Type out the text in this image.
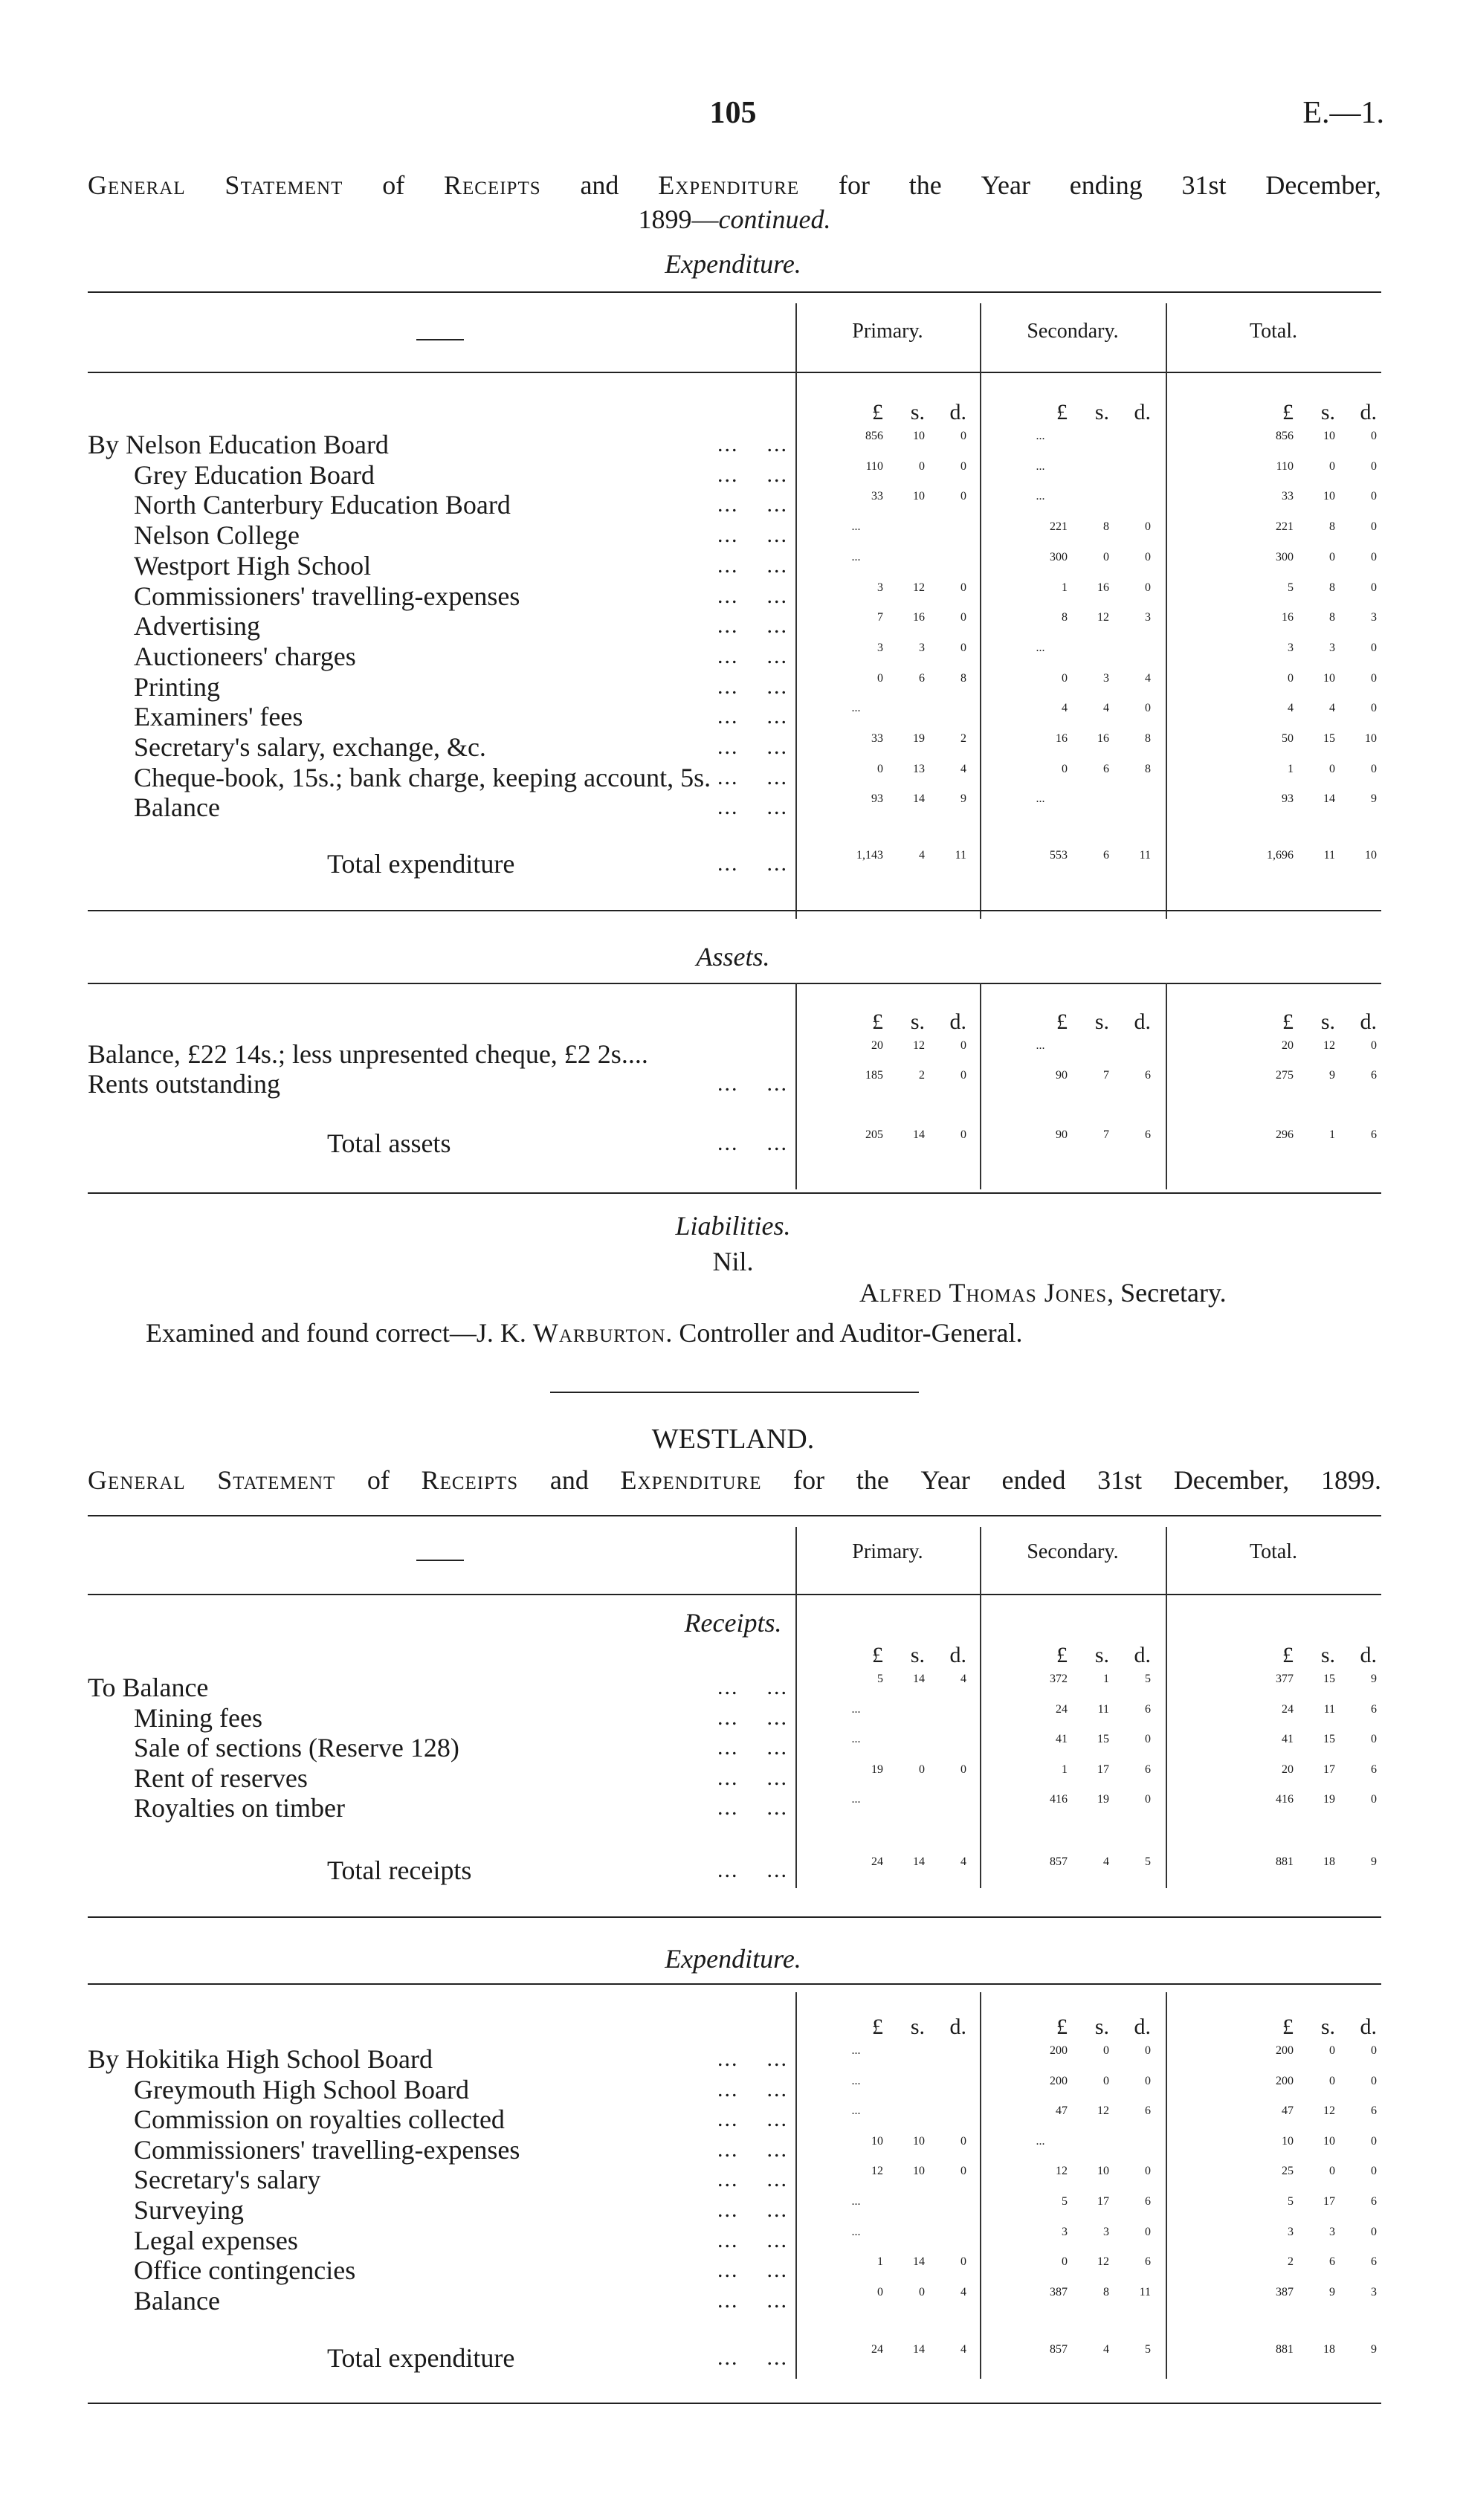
105	E.—1.
General Statement of Receipts and Expenditure for the Year ending 31st December,
1899—continued.
Expenditure.
Primary.	Secondary.	Total.
£	s.	d.	£	s.	d.	£	s.	d.
By Nelson Education Board	...    ...	856	10	0	...	856	10	0
Grey Education Board	...    ...	110	0	0	...	110	0	0
North Canterbury Education Board	...    ...	33	10	0	...	33	10	0
Nelson College	...    ...	...	221	8	0	221	8	0
Westport High School	...    ...	...	300	0	0	300	0	0
Commissioners' travelling-expenses	...    ...	3	12	0	1	16	0	5	8	0
Advertising	...    ...	7	16	0	8	12	3	16	8	3
Auctioneers' charges	...    ...	3	3	0	...	3	3	0
Printing	...    ...	0	6	8	0	3	4	0	10	0
Examiners' fees	...    ...	...	4	4	0	4	4	0
Secretary's salary, exchange, &c.	...    ...	33	19	2	16	16	8	50	15	10
Cheque-book, 15s.; bank charge, keeping account, 5s. ...    ...	0	13	4	0	6	8	1	0	0
Balance	...    ...	93	14	9	...	93	14	9
Total expenditure	...    ...	1,143	4	11	553	6	11	1,696	11	10
Assets.
£	s.	d.	£	s.	d.	£	s.	d.
Balance, £22 14s.; less unpresented cheque, £2 2s....	20	12	0	...	20	12	0
Rents outstanding	...    ...	185	2	0	90	7	6	275	9	6
Total assets	...    ...	205	14	0	90	7	6	296	1	6
Liabilities.
Nil.
Alfred Thomas Jones, Secretary.
Examined and found correct—J. K. Warburton. Controller and Auditor-General.
WESTLAND.
General Statement of Receipts and Expenditure for the Year ended 31st December, 1899.
Primary.	Secondary.	Total.
Receipts.
£	s.	d.	£	s.	d.	£	s.	d.
To Balance	...    ...	5	14	4	372	1	5	377	15	9
Mining fees	...    ...	...	24	11	6	24	11	6
Sale of sections (Reserve 128)	...    ...	...	41	15	0	41	15	0
Rent of reserves	...    ...	19	0	0	1	17	6	20	17	6
Royalties on timber	...    ...	...	416	19	0	416	19	0
Total receipts	...    ...	24	14	4	857	4	5	881	18	9
Expenditure.
£	s.	d.	£	s.	d.	£	s.	d.
By Hokitika High School Board	...    ...	...	200	0	0	200	0	0
Greymouth High School Board	...    ...	...	200	0	0	200	0	0
Commission on royalties collected	...    ...	...	47	12	6	47	12	6
Commissioners' travelling-expenses	...    ...	10	10	0	...	10	10	0
Secretary's salary	...    ...	12	10	0	12	10	0	25	0	0
Surveying	...    ...	...	5	17	6	5	17	6
Legal expenses	...    ...	...	3	3	0	3	3	0
Office contingencies	...    ...	1	14	0	0	12	6	2	6	6
Balance	...    ...	0	0	4	387	8	11	387	9	3
Total expenditure	...    ...	24	14	4	857	4	5	881	18	9
